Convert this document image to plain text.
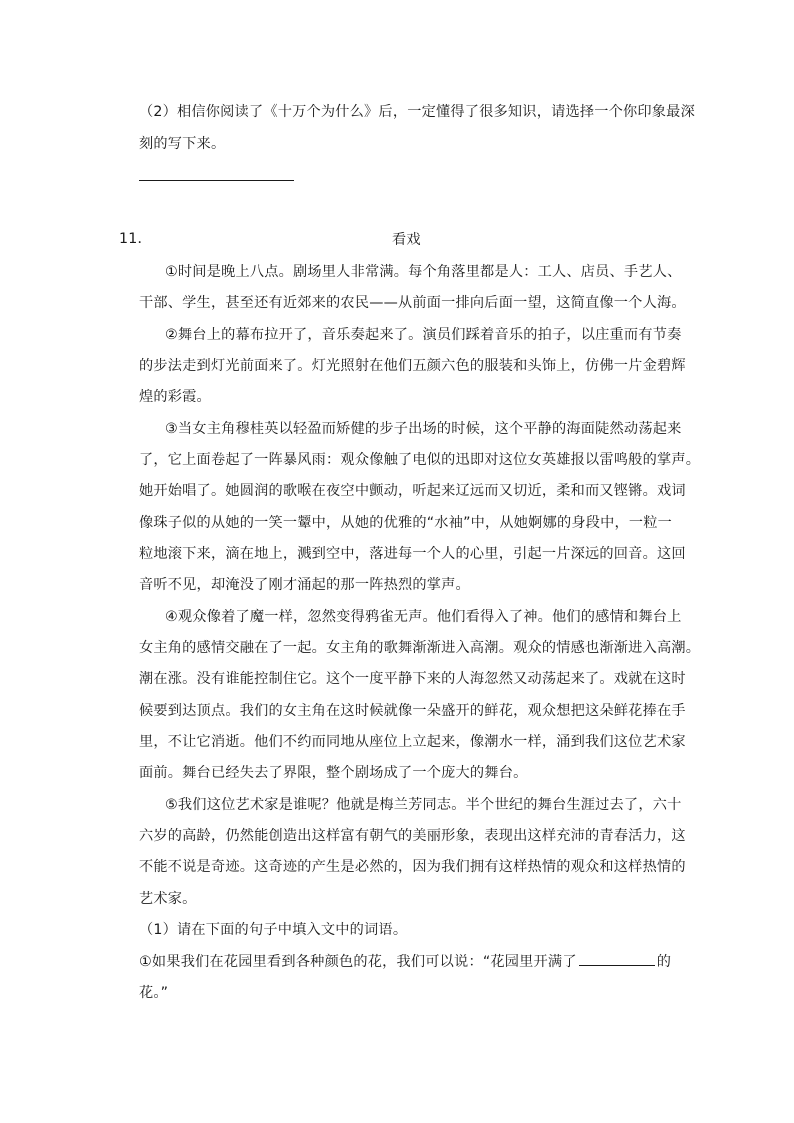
（2）相信你阅读了《十万个为什么》后，一定懂得了很多知识，请选择一个你印象最深
刻的写下来。
11．	看戏
①时间是晚上八点。剧场里人非常满。每个角落里都是人：工人、店员、手艺人、
干部、学生，甚至还有近郊来的农民——从前面一排向后面一望，这简直像一个人海。
②舞台上的幕布拉开了，音乐奏起来了。演员们踩着音乐的拍子，以庄重而有节奏
的步法走到灯光前面来了。灯光照射在他们五颜六色的服装和头饰上，仿佛一片金碧辉
煌的彩霞。
③当女主角穆桂英以轻盈而矫健的步子出场的时候，这个平静的海面陡然动荡起来
了，它上面卷起了一阵暴风雨：观众像触了电似的迅即对这位女英雄报以雷鸣般的掌声。
她开始唱了。她圆润的歌喉在夜空中颤动，听起来辽远而又切近，柔和而又铿锵。戏词
像珠子似的从她的一笑一颦中，从她的优雅的“水袖”中，从她婀娜的身段中，一粒一
粒地滚下来，滴在地上，溅到空中，落进每一个人的心里，引起一片深远的回音。这回
音听不见，却淹没了刚才涌起的那一阵热烈的掌声。
④观众像着了魔一样，忽然变得鸦雀无声。他们看得入了神。他们的感情和舞台上
女主角的感情交融在了一起。女主角的歌舞渐渐进入高潮。观众的情感也渐渐进入高潮。
潮在涨。没有谁能控制住它。这个一度平静下来的人海忽然又动荡起来了。戏就在这时
候要到达顶点。我们的女主角在这时候就像一朵盛开的鲜花，观众想把这朵鲜花捧在手
里，不让它消逝。他们不约而同地从座位上立起来，像潮水一样，涌到我们这位艺术家
面前。舞台已经失去了界限，整个剧场成了一个庞大的舞台。
⑤我们这位艺术家是谁呢？他就是梅兰芳同志。半个世纪的舞台生涯过去了，六十
六岁的高龄，仍然能创造出这样富有朝气的美丽形象，表现出这样充沛的青春活力，这
不能不说是奇迹。这奇迹的产生是必然的，因为我们拥有这样热情的观众和这样热情的
艺术家。
（1）请在下面的句子中填入文中的词语。
①如果我们在花园里看到各种颜色的花，我们可以说：“花园里开满了	的
花。”
